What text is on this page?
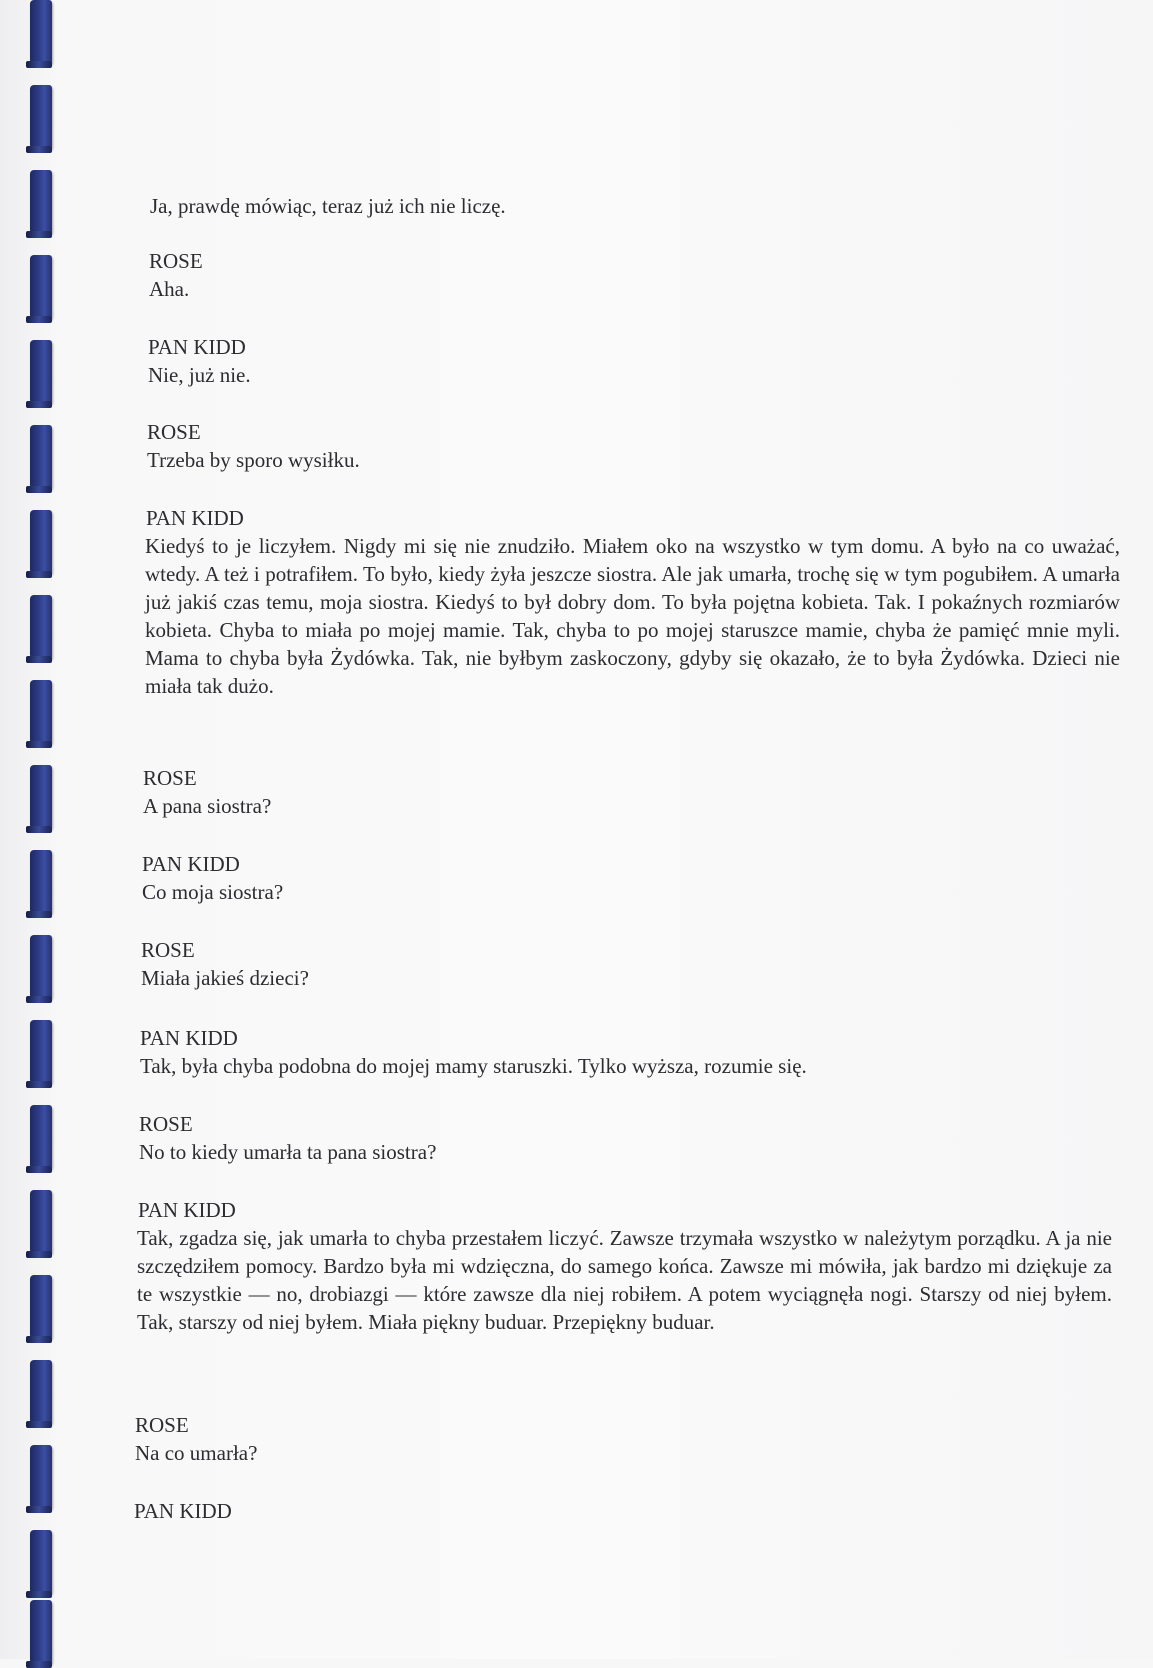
Ja, prawdę mówiąc, teraz już ich nie liczę.
ROSE
Aha.
PAN KIDD
Nie, już nie.
ROSE
Trzeba by sporo wysiłku.
PAN KIDD
Kiedyś to je liczyłem. Nigdy mi się nie znudziło. Miałem oko na wszystko w tym domu. A było na co uważać, wtedy. A też i potrafiłem. To było, kiedy żyła jeszcze siostra. Ale jak umarła, trochę się w tym pogubiłem. A umarła już jakiś czas temu, moja siostra. Kiedyś to był dobry dom. To była pojętna kobieta. Tak. I pokaźnych rozmiarów kobieta. Chyba to miała po mojej mamie. Tak, chyba to po mojej staruszce mamie, chyba że pamięć mnie myli. Mama to chyba była Żydówka. Tak, nie byłbym zaskoczony, gdyby się okazało, że to była Żydówka. Dzieci nie miała tak dużo.
ROSE
A pana siostra?
PAN KIDD
Co moja siostra?
ROSE
Miała jakieś dzieci?
PAN KIDD
Tak, była chyba podobna do mojej mamy staruszki. Tylko wyższa, rozumie się.
ROSE
No to kiedy umarła ta pana siostra?
PAN KIDD
Tak, zgadza się, jak umarła to chyba przestałem liczyć. Zawsze trzymała wszystko w należytym porządku. A ja nie szczędziłem pomocy. Bardzo była mi wdzięczna, do samego końca. Zawsze mi mówiła, jak bardzo mi dziękuje za te wszystkie — no, drobiazgi — które zawsze dla niej robiłem. A potem wyciągnęła nogi. Starszy od niej byłem. Tak, starszy od niej byłem. Miała piękny buduar. Przepiękny buduar.
ROSE
Na co umarła?
PAN KIDD
